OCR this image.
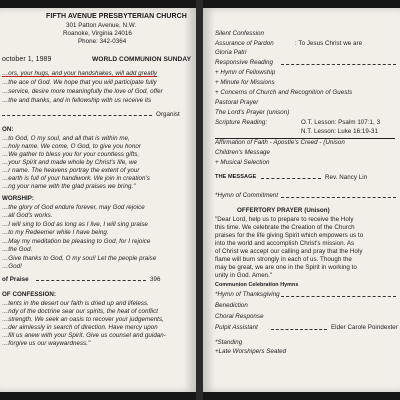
FIFTH AVENUE PRESBYTERIAN CHURCH
301 Patton Avenue, N.W.
Roanoke, Virginia 24016
Phone: 342-0364
october 1, 1989	WORLD COMMUNION SUNDAY
…ors, your hugs, and your handshakes, will add greatly
…the ace of God. We hope that you will participate fully
…service, desire more meaningfully the love of God, offer
…the and thanks, and in fellowship with us receive its
Organist
ON:
…to God, O my soul, and all that is within me,
…holy name. We come, O God, to give you honor
…We gather to bless you for your countless gifts,
…your Spirit and made whole by Christ's life, we
…r name. The heavens portray the extent of your
…earth is full of your handiwork. We join in creation's
…ng your name with the glad praises we bring."
WORSHIP:
…the glory of God endure forever, may God rejoice
…all God's works.
…I will sing to God as long as I live, I will sing praise
…to my Redeemer while I have being.
…May my meditation be pleasing to God, for I rejoice
…the God.
…Give thanks to God, O my soul! Let the people praise
…God!
of Praise	396
OF CONFESSION:
…tents in the desert our faith is dried up and lifeless.
…ndy of the doctrine sear our spirits, the heat of conflict
…strength. We seek an oasis to recover your judgements,
…der aimlessly in search of direction. Have mercy upon
…fill us anew with your Spirit. Give us counsel and guidan-
…forgive us our waywardness."
Silent Confession
Assurance of Pardon	: To Jesus Christ we are
Gloria Patri
Responsive Reading
+ Hymn of Fellowship
+ Minute for Missions
+ Concerns of Church and Recognition of Guests
Pastoral Prayer
The Lord's Prayer (unison)
Scripture Reading:	O.T. Lesson: Psalm 107:1, 3
N.T. Lesson: Luke 16:19-31
Affirmation of Faith - Apostle's Creed - (Unison
Children's Message
+ Musical Selection
THE MESSAGE	Rev. Nancy Lin
*Hymn of Commitment
OFFERTORY PRAYER (Unison)
"Dear Lord, help us to prepare to receive the Holy
this time. We celebrate the Creation of the Church
praises for the life giving Spirit which empowers us to
into the world and accomplish Christ's mission. As
of Christ we accept our calling and pray that the Holy
flame will burn strongly in each of us. Though the
may be great, we are one in the Spirit in working to
unity in God. Amen."
Communion Celebration Hymns
*Hymn of Thanksgiving
Benediction
Choral Response
Pulpit Assistant	Elder Carole Poindexter
*Standing
+Late Worshipers Seated
